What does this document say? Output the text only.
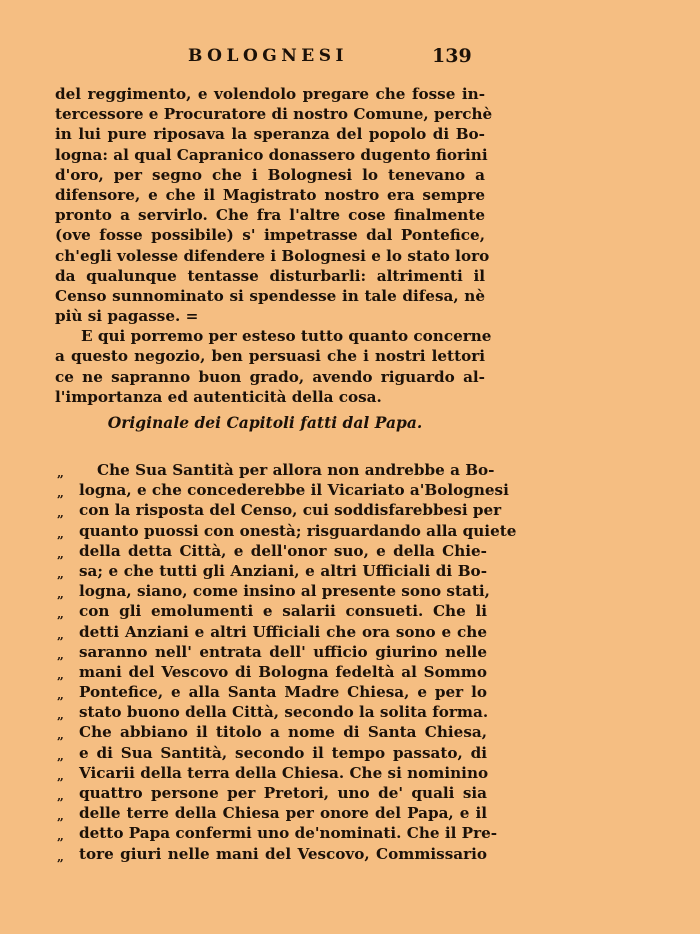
BOLOGNESI	139
del reggimento, e volendolo pregare che fosse in-
tercessore e Procuratore di nostro Comune, perchè
in lui pure riposava la speranza del popolo di Bo-
logna: al qual Capranico donassero dugento fiorini
d'oro, per segno che i Bolognesi lo tenevano a
difensore, e che il Magistrato nostro era sempre
pronto a servirlo. Che fra l'altre cose finalmente
(ove fosse possibile) s' impetrasse dal Pontefice,
ch'egli volesse difendere i Bolognesi e lo stato loro
da qualunque tentasse disturbarli: altrimenti il
Censo sunnominato si spendesse in tale difesa, nè
più si pagasse. =
E qui porremo per esteso tutto quanto concerne
a questo negozio, ben persuasi che i nostri lettori
ce ne sapranno buon grado, avendo riguardo al-
l'importanza ed autenticità della cosa.
Originale dei Capitoli fatti dal Papa.
„	Che Sua Santità per allora non andrebbe a Bo-
„ logna, e che concederebbe il Vicariato a'Bolognesi
„ con la risposta del Censo, cui soddisfarebbesi per
„ quanto puossi con onestà; risguardando alla quiete
„ della detta Città, e dell'onor suo, e della Chie-
„ sa; e che tutti gli Anziani, e altri Ufficiali di Bo-
„ logna, siano, come insino al presente sono stati,
„ con gli emolumenti e salarii consueti. Che li
„ detti Anziani e altri Ufficiali che ora sono e che
„ saranno nell' entrata dell' ufficio giurino nelle
„ mani del Vescovo di Bologna fedeltà al Sommo
„ Pontefice, e alla Santa Madre Chiesa, e per lo
„ stato buono della Città, secondo la solita forma.
„ Che abbiano il titolo a nome di Santa Chiesa,
„ e di Sua Santità, secondo il tempo passato, di
„ Vicarii della terra della Chiesa. Che si nominino
„ quattro persone per Pretori, uno de' quali sia
„ delle terre della Chiesa per onore del Papa, e il
„ detto Papa confermi uno de'nominati. Che il Pre-
„ tore giuri nelle mani del Vescovo, Commissario
